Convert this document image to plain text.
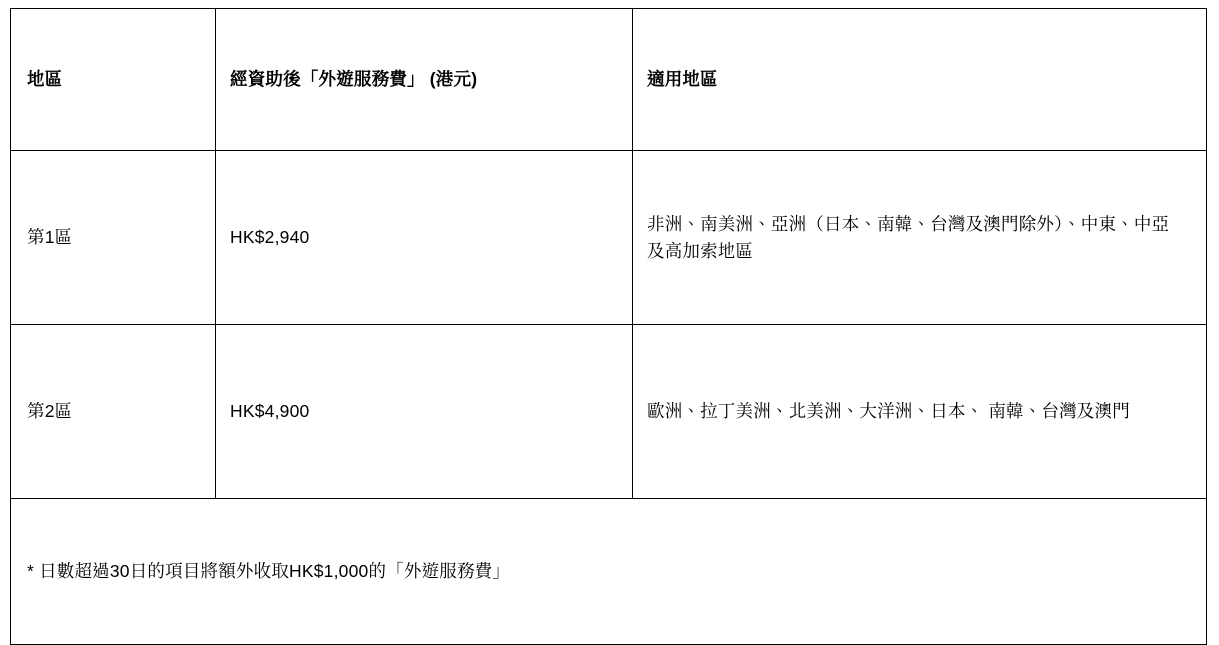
地區	經資助後「外遊服務費」 (港元)	適用地區
第1區	HK$2,940	非洲、南美洲、亞洲（日本、南韓、台灣及澳門除外）、中東、中亞及高加索地區

第2區	HK$4,900	歐洲、拉丁美洲、北美洲、大洋洲、日本、 南韓、台灣及澳門

* 日數超過30日的項目將額外收取HK$1,000的「外遊服務費」		
